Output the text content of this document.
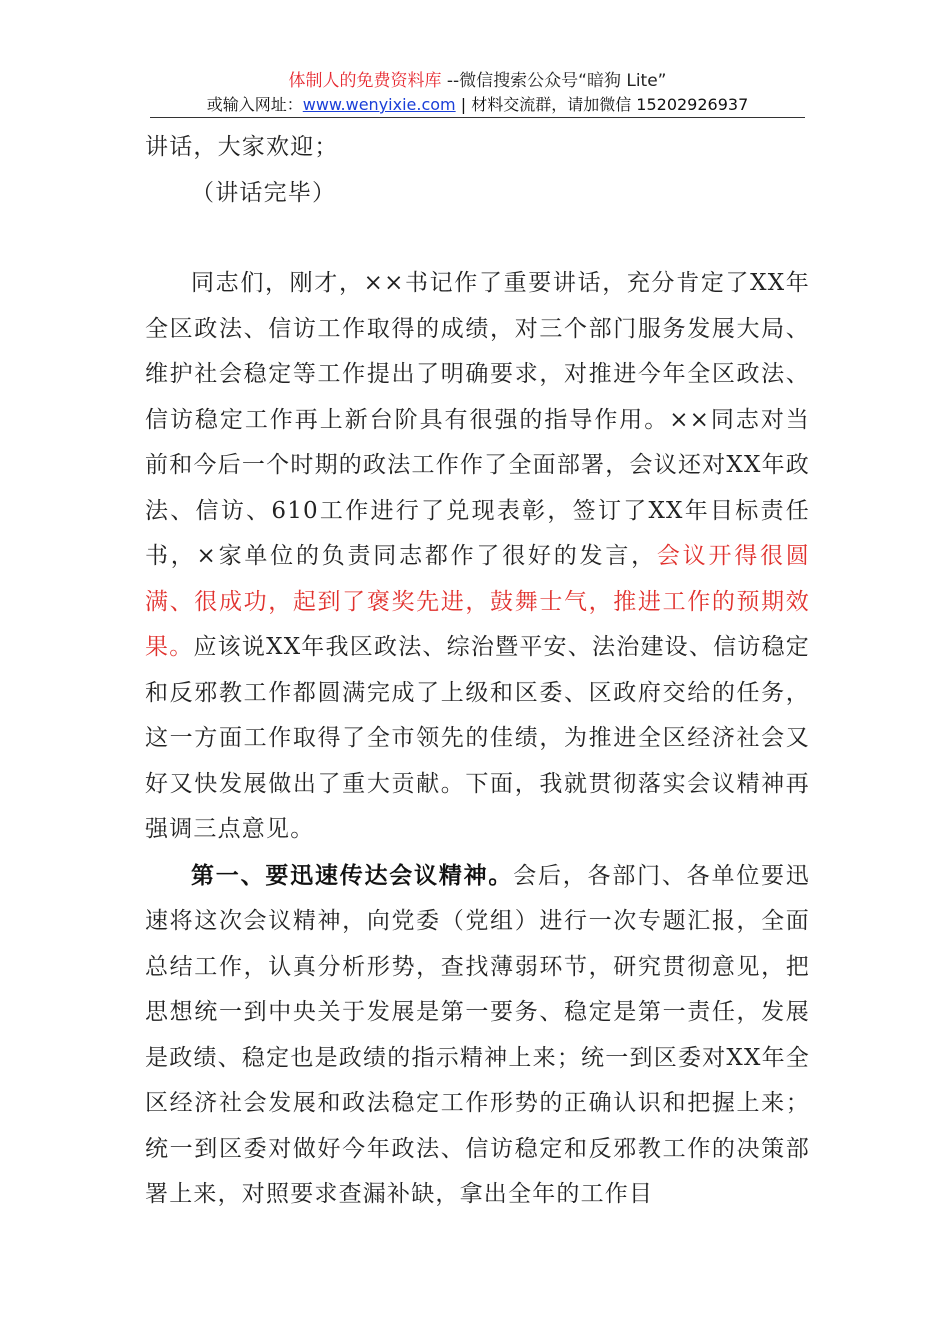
体制人的免费资料库 --微信搜索公众号“暗狗 Lite”
或输入网址：www.wenyixie.com | 材料交流群，请加微信 15202926937

讲话，大家欢迎；

（讲话完毕）

同志们，刚才，××书记作了重要讲话，充分肯定了XX年全区政法、信访工作取得的成绩，对三个部门服务发展大局、维护社会稳定等工作提出了明确要求，对推进今年全区政法、信访稳定工作再上新台阶具有很强的指导作用。××同志对当前和今后一个时期的政法工作作了全面部署，会议还对XX年政法、信访、610工作进行了兑现表彰，签订了XX年目标责任书，×家单位的负责同志都作了很好的发言，会议开得很圆满、很成功，起到了褒奖先进，鼓舞士气，推进工作的预期效果。应该说XX年我区政法、综治暨平安、法治建设、信访稳定和反邪教工作都圆满完成了上级和区委、区政府交给的任务，这一方面工作取得了全市领先的佳绩，为推进全区经济社会又好又快发展做出了重大贡献。下面，我就贯彻落实会议精神再强调三点意见。

第一、要迅速传达会议精神。会后，各部门、各单位要迅速将这次会议精神，向党委（党组）进行一次专题汇报，全面总结工作，认真分析形势，查找薄弱环节，研究贯彻意见，把思想统一到中央关于发展是第一要务、稳定是第一责任，发展是政绩、稳定也是政绩的指示精神上来；统一到区委对XX年全区经济社会发展和政法稳定工作形势的正确认识和把握上来；统一到区委对做好今年政法、信访稳定和反邪教工作的决策部署上来，对照要求查漏补缺，拿出全年的工作目
